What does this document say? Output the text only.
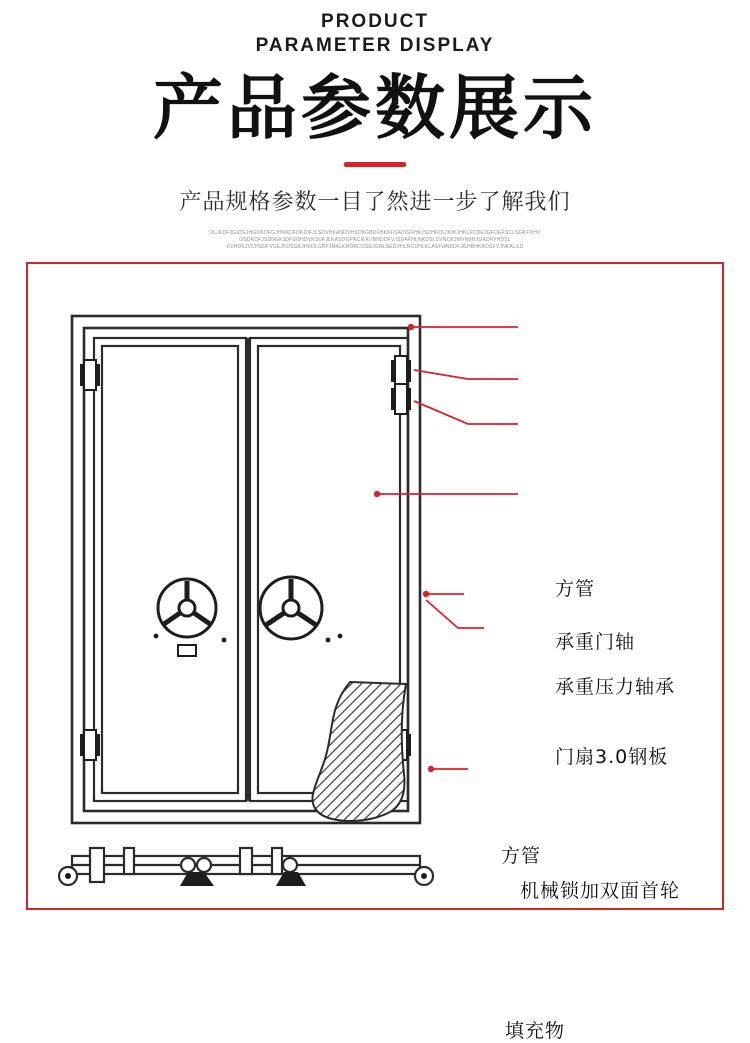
PRODUCT
PARAMETER DISPLAY
产品参数展示
产品规格参数一目了然进一步了解我们
OLJKDFJGIDGJHGOKDFGJHNKDFDKDIFJLSDVHKASDVHSDKGBDFHKKFSADIGFHKJSDHFOLDDKJHKLFCDEJGFOEFSCLSGKFDHV
OSDKDFJSDNGKJDFSGHDVKSDFJLKASDGFNCIEKVBHDDFVJSDAFHLNKDSLSVNCKJMVNBHJGKDFYHDSL
KVHDKJVCHSDFVUEJFDSGKJHFDLGRFJRKLKRORCOSEJGNLSEDVHLRCVHLKLASFGNKDFJGHBHKKDSFVJNKALSD
方管
承重门轴
承重压力轴承
门扇3.0钢板
方管
机械锁加双面首轮
填充物
